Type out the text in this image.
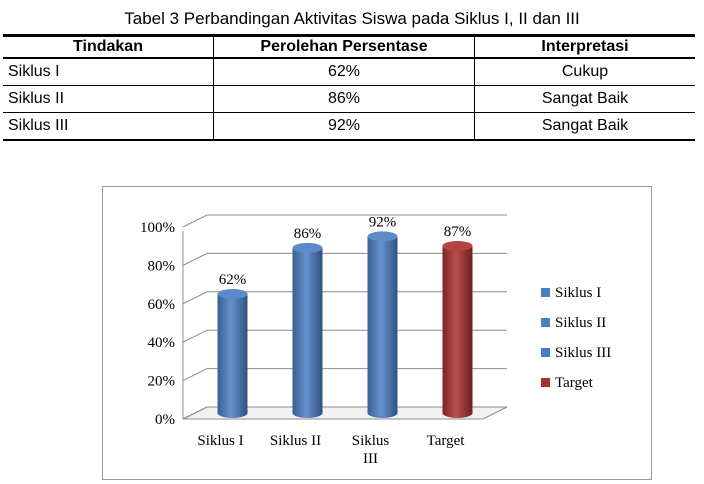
Tabel 3 Perbandingan Aktivitas Siswa pada Siklus I, II dan III
Tindakan	Perolehan Persentase	Interpretasi
Siklus I	62%	Cukup
Siklus II	86%	Sangat Baik
Siklus III	92%	Sangat Baik
0%
20%
40%
60%
80%
100%
62%
Siklus I
86%
Siklus II
92%
Siklus III
87%
Target
Siklus I
Siklus II
Siklus III
Target
